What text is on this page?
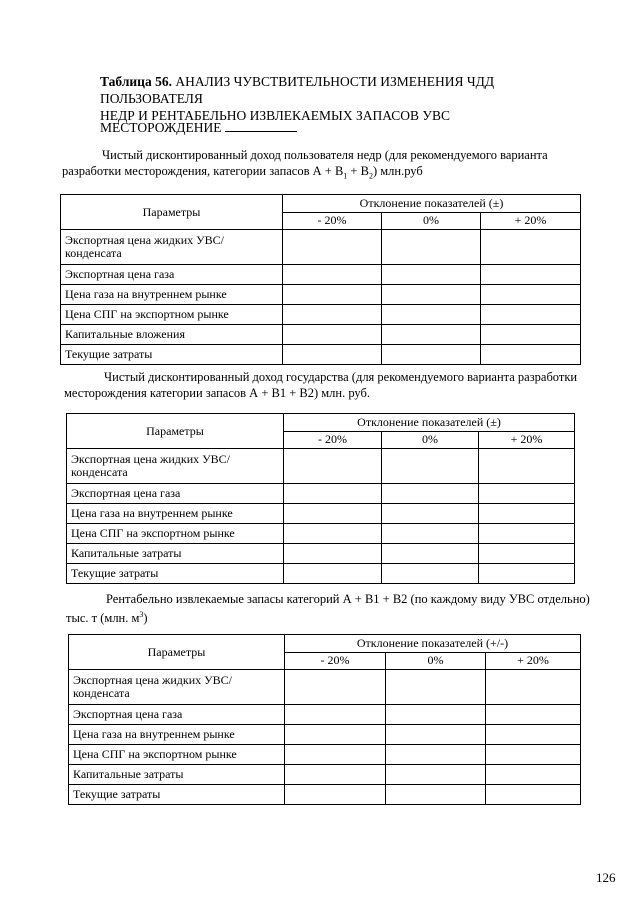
Таблица 56. АНАЛИЗ ЧУВСТВИТЕЛЬНОСТИ ИЗМЕНЕНИЯ ЧДД ПОЛЬЗОВАТЕЛЯ
НЕДР И РЕНТАБЕЛЬНО ИЗВЛЕКАЕМЫХ ЗАПАСОВ УВС
МЕСТОРОЖДЕНИЕ

Чистый дисконтированный доход пользователя недр (для рекомендуемого варианта

разработки месторождения, категории запасов $А + В_1 + В_2$) млн.руб

Параметры	Отклонение показателей (±)		
	- 20%	0%	+ 20%
Экспортная цена жидких УВС/конденсата			
Экспортная цена газа			
Цена газа на внутреннем рынке			
Цена СПГ на экспортном рынке			
Капитальные вложения			
Текущие затраты			

Чистый дисконтированный доход государства (для рекомендуемого варианта разработки

месторождения категории запасов А + В1 + В2) млн. руб.

Параметры	Отклонение показателей (±)		
	- 20%	0%	+ 20%
Экспортная цена жидких УВС/конденсата			
Экспортная цена газа			
Цена газа на внутреннем рынке			
Цена СПГ на экспортном рынке			
Капитальные затраты			
Текущие затраты			

Рентабельно извлекаемые запасы категорий А + В1 + В2 (по каждому виду УВС отдельно)

тыс. т (млн. $м^3$)

Параметры	Отклонение показателей (+/-)		
	- 20%	0%	+ 20%
Экспортная цена жидких УВС/конденсата			
Экспортная цена газа			
Цена газа на внутреннем рынке			
Цена СПГ на экспортном рынке			
Капитальные затраты			
Текущие затраты			
126
